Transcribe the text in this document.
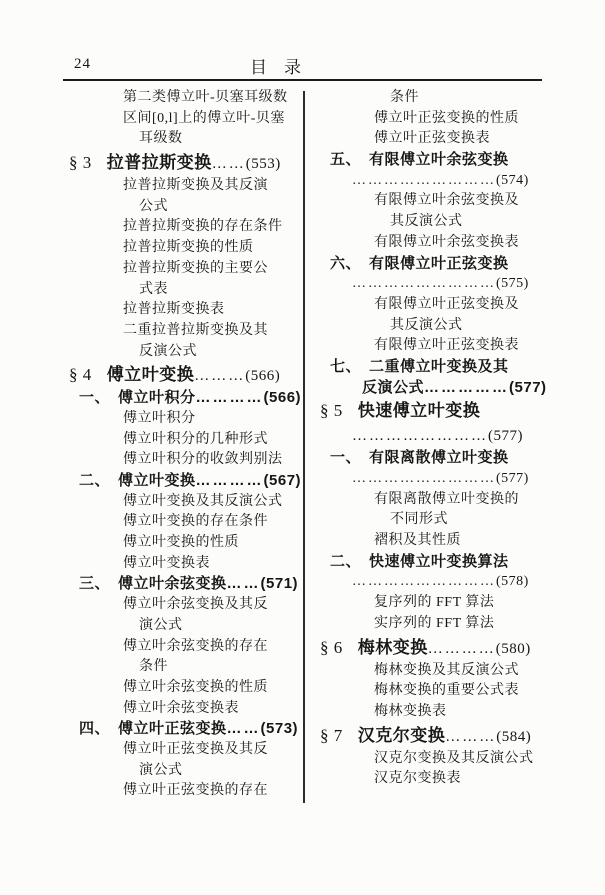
24	目　录
第二类傅立叶-贝塞耳级数
区间[0,l]上的傅立叶-贝塞
耳级数
§ 3 拉普拉斯变换……(553)
拉普拉斯变换及其反演
公式
拉普拉斯变换的存在条件
拉普拉斯变换的性质
拉普拉斯变换的主要公
式表
拉普拉斯变换表
二重拉普拉斯变换及其
反演公式
§ 4 傅立叶变换………(566)
一、 傅立叶积分…………(566)
傅立叶积分
傅立叶积分的几种形式
傅立叶积分的收敛判别法
二、 傅立叶变换…………(567)
傅立叶变换及其反演公式
傅立叶变换的存在条件
傅立叶变换的性质
傅立叶变换表
三、 傅立叶余弦变换……(571)
傅立叶余弦变换及其反
演公式
傅立叶余弦变换的存在
条件
傅立叶余弦变换的性质
傅立叶余弦变换表
四、 傅立叶正弦变换……(573)
傅立叶正弦变换及其反
演公式
傅立叶正弦变换的存在
条件
傅立叶正弦变换的性质
傅立叶正弦变换表
五、 有限傅立叶余弦变换
………………………(574)
有限傅立叶余弦变换及
其反演公式
有限傅立叶余弦变换表
六、 有限傅立叶正弦变换
………………………(575)
有限傅立叶正弦变换及
其反演公式
有限傅立叶正弦变换表
七、 二重傅立叶变换及其
反演公式……………(577)
§ 5 快速傅立叶变换
……………………(577)
一、 有限离散傅立叶变换
………………………(577)
有限离散傅立叶变换的
不同形式
褶积及其性质
二、 快速傅立叶变换算法
………………………(578)
复序列的 FFT 算法
实序列的 FFT 算法
§ 6 梅林变换…………(580)
梅林变换及其反演公式
梅林变换的重要公式表
梅林变换表
§ 7 汉克尔变换………(584)
汉克尔变换及其反演公式
汉克尔变换表
